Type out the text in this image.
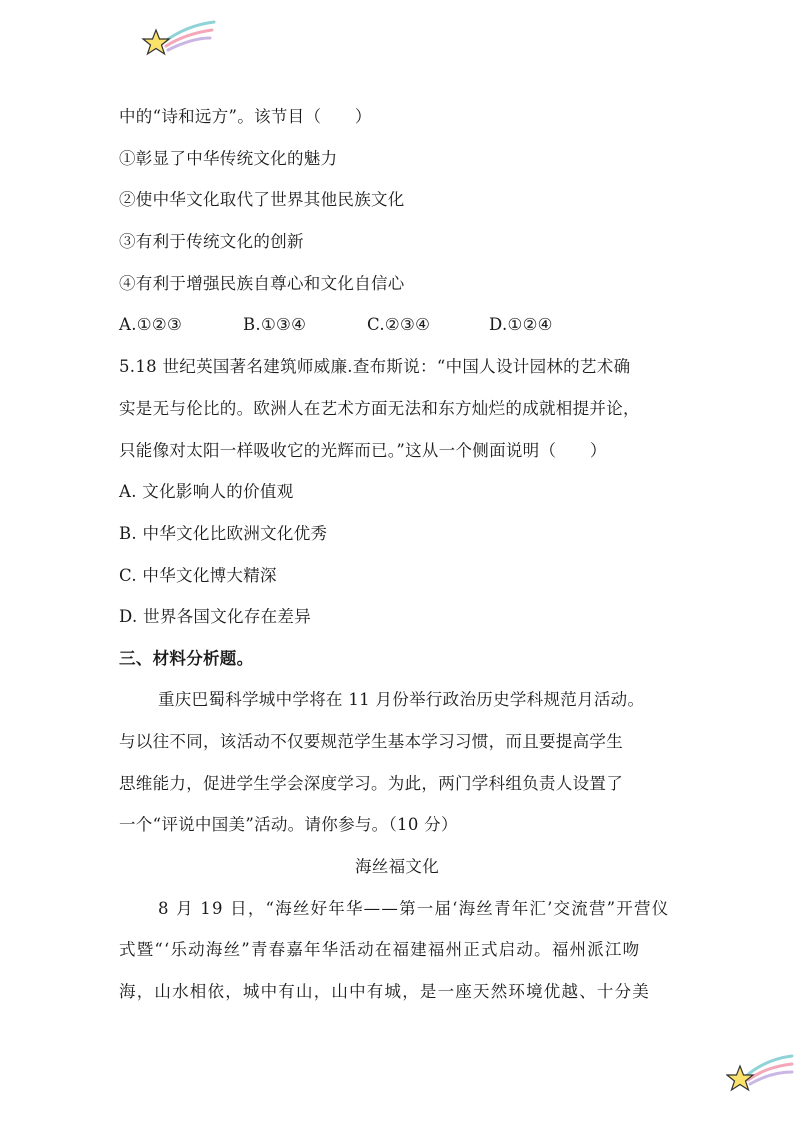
中的“诗和远方”。该节目（　　）
①彰显了中华传统文化的魅力
②使中华文化取代了世界其他民族文化
③有利于传统文化的创新
④有利于增强民族自尊心和文化自信心
A.①②③	B.①③④	C.②③④	D.①②④
5.18 世纪英国著名建筑师威廉.查布斯说：“中国人设计园林的艺术确
实是无与伦比的。欧洲人在艺术方面无法和东方灿烂的成就相提并论，
只能像对太阳一样吸收它的光辉而已。”这从一个侧面说明（　　）
A. 文化影响人的价值观
B. 中华文化比欧洲文化优秀
C. 中华文化博大精深
D. 世界各国文化存在差异
三、材料分析题。
重庆巴蜀科学城中学将在 11 月份举行政治历史学科规范月活动。
与以往不同，该活动不仅要规范学生基本学习习惯，而且要提高学生
思维能力，促进学生学会深度学习。为此，两门学科组负责人设置了
一个“评说中国美”活动。请你参与。（10 分）
海丝福文化
8 月 19 日，“海丝好年华——第一届‘海丝青年汇’交流营”开营仪
式暨“‘乐动海丝”青春嘉年华活动在福建福州正式启动。福州派江吻
海，山水相依，城中有山，山中有城，是一座天然环境优越、十分美
